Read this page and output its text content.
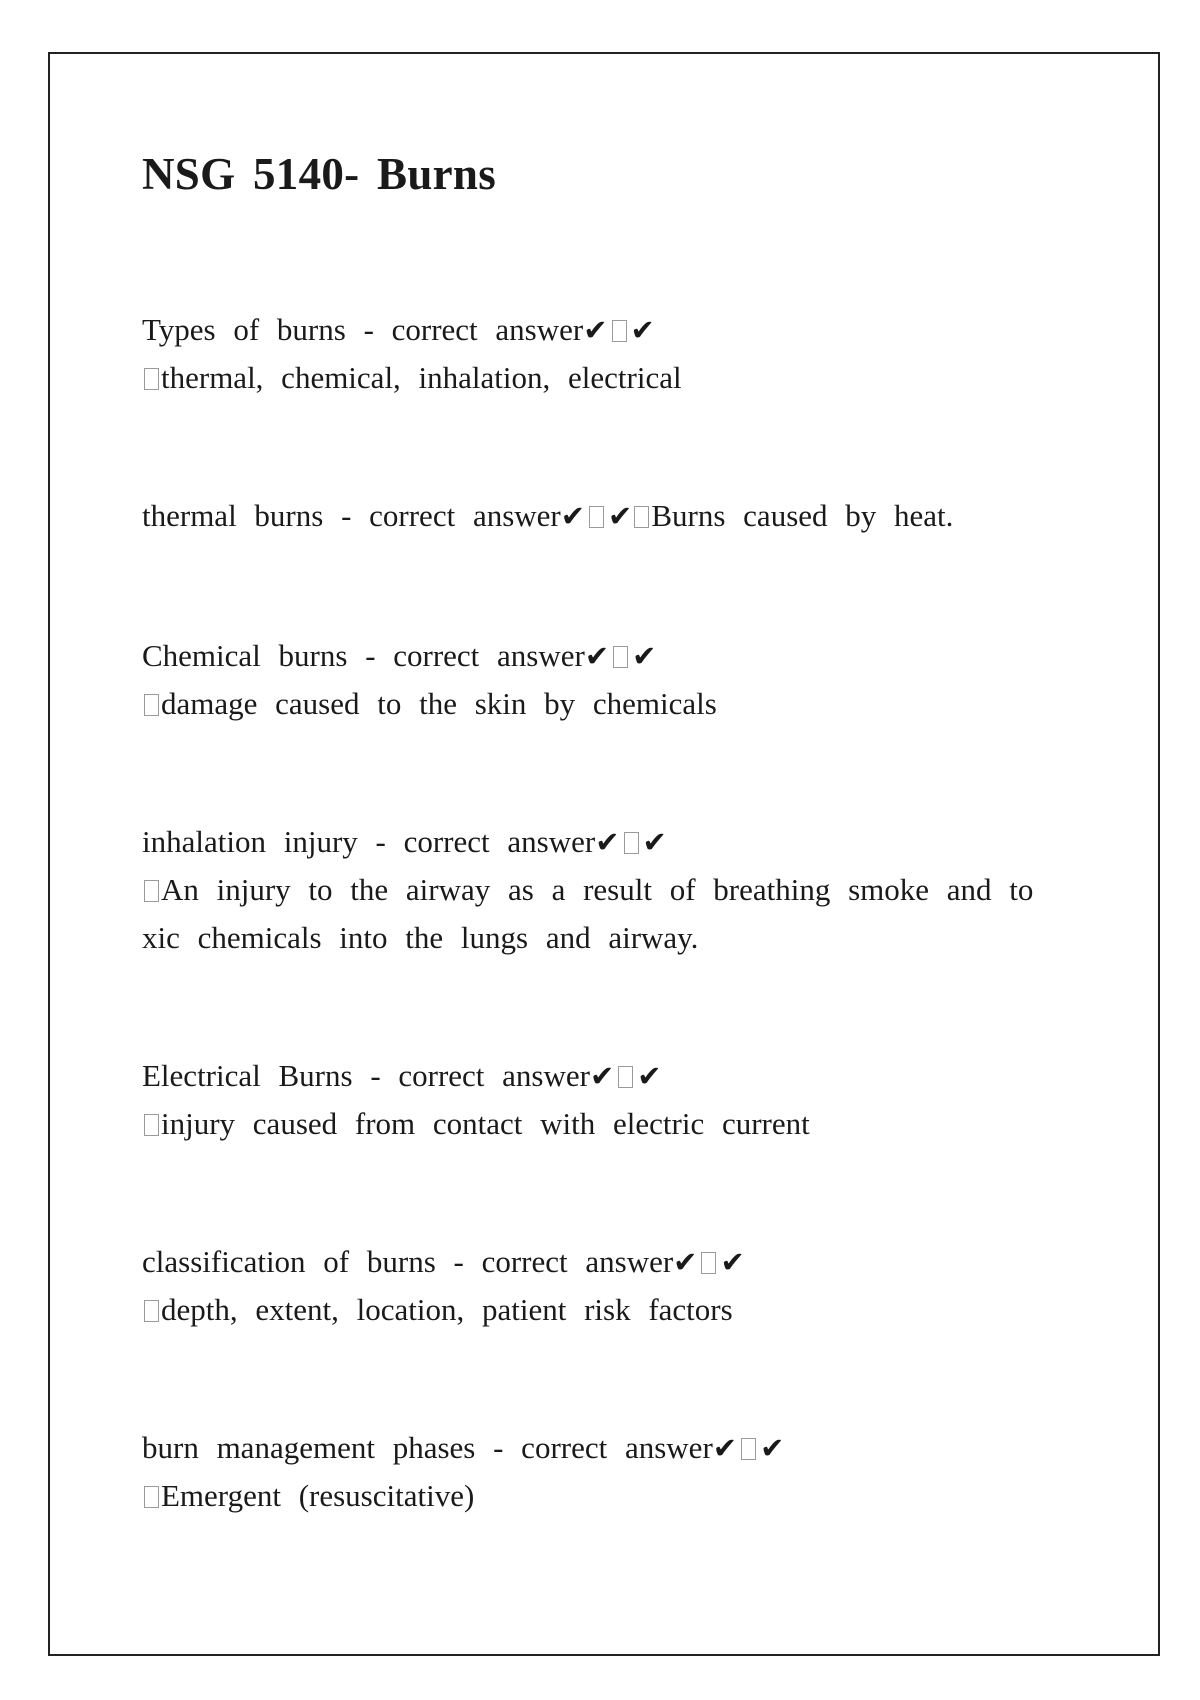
NSG 5140- Burns
Types of burns - correct answer✔ ✔
thermal, chemical, inhalation, electrical
thermal burns - correct answer✔ ✔ Burns caused by heat.
Chemical burns - correct answer✔ ✔
damage caused to the skin by chemicals
inhalation injury - correct answer✔ ✔
An injury to the airway as a result of breathing smoke and to
xic chemicals into the lungs and airway.
Electrical Burns - correct answer✔ ✔
injury caused from contact with electric current
classification of burns - correct answer✔ ✔
depth, extent, location, patient risk factors
burn management phases - correct answer✔ ✔
Emergent (resuscitative)
